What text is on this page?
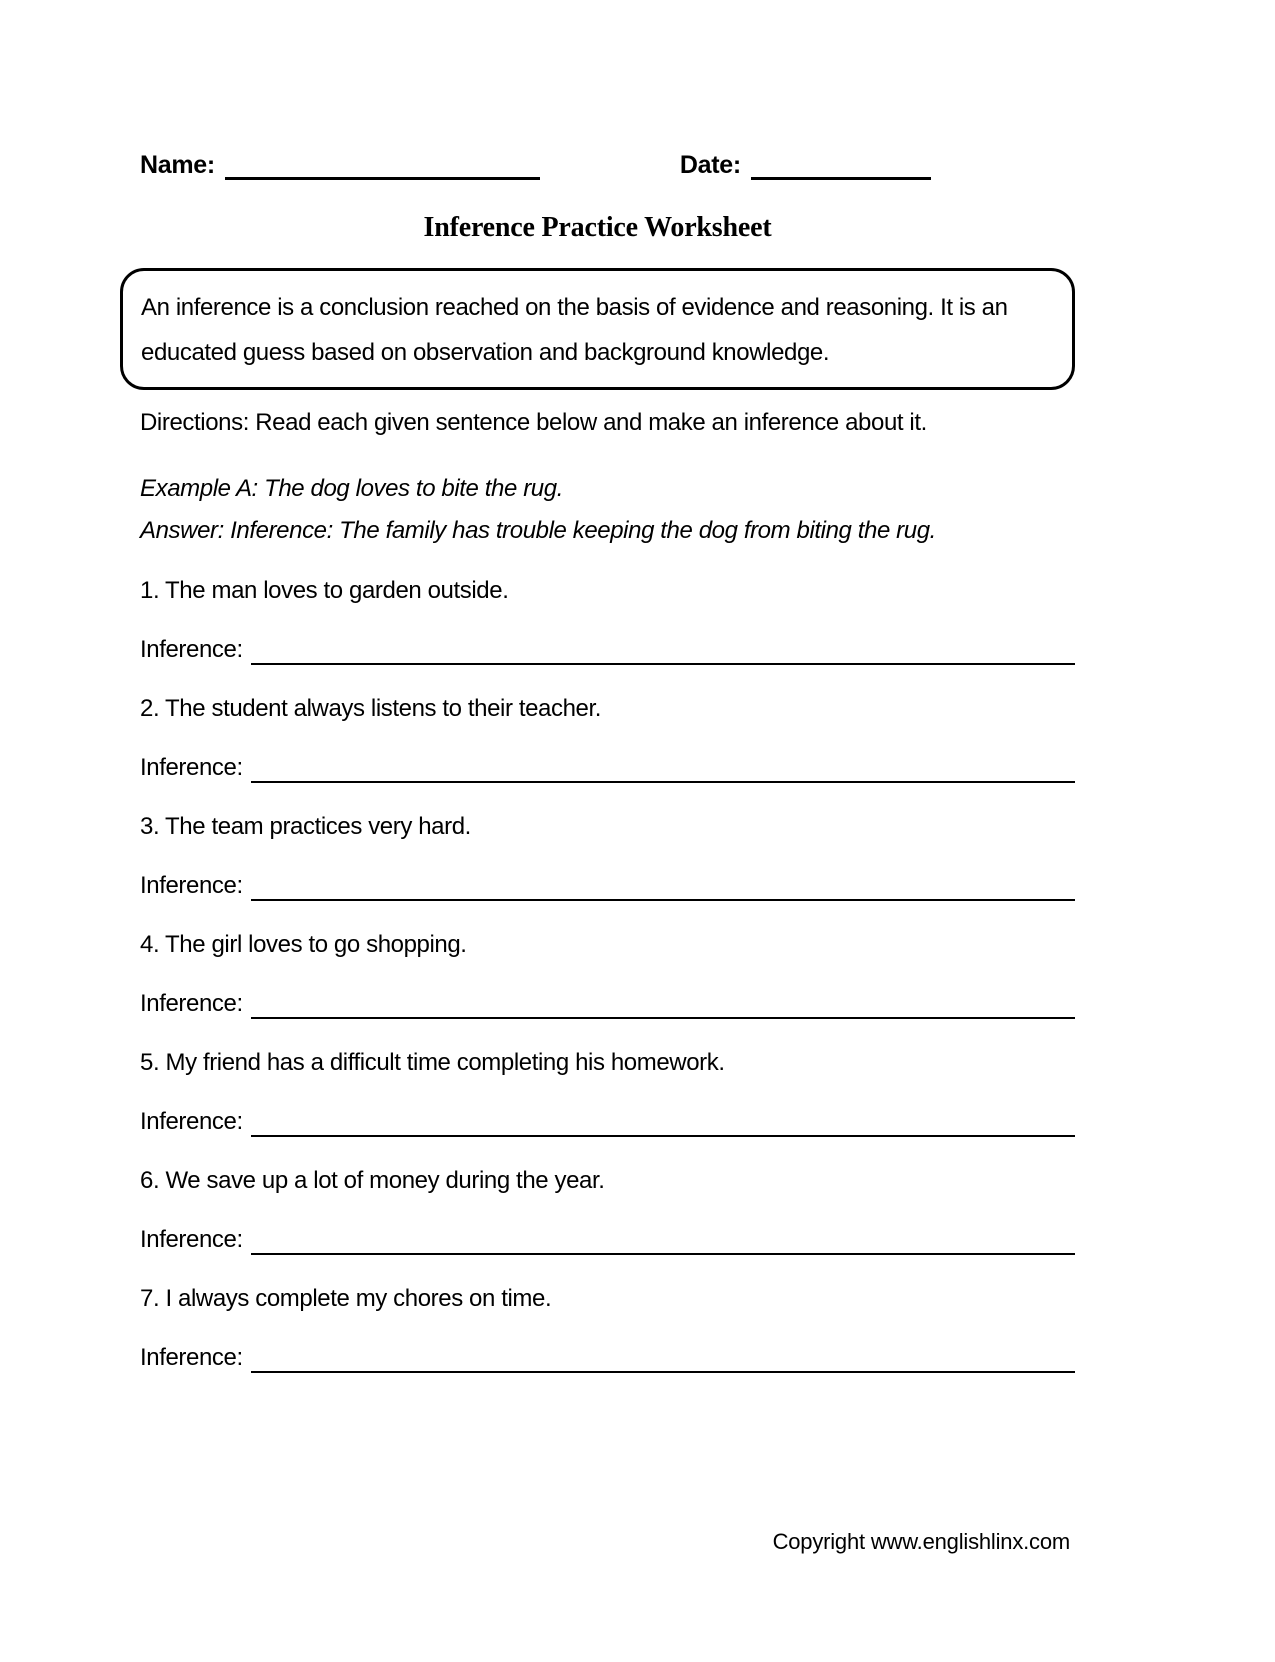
Name:	Date:
Inference Practice Worksheet
An inference is a conclusion reached on the basis of evidence and reasoning. It is an educated guess based on observation and background knowledge.
Directions: Read each given sentence below and make an inference about it.
Example A: The dog loves to bite the rug.
Answer: Inference: The family has trouble keeping the dog from biting the rug.
1. The man loves to garden outside.
Inference:
2. The student always listens to their teacher.
Inference:
3. The team practices very hard.
Inference:
4. The girl loves to go shopping.
Inference:
5. My friend has a difficult time completing his homework.
Inference:
6. We save up a lot of money during the year.
Inference:
7. I always complete my chores on time.
Inference:
Copyright www.englishlinx.com
